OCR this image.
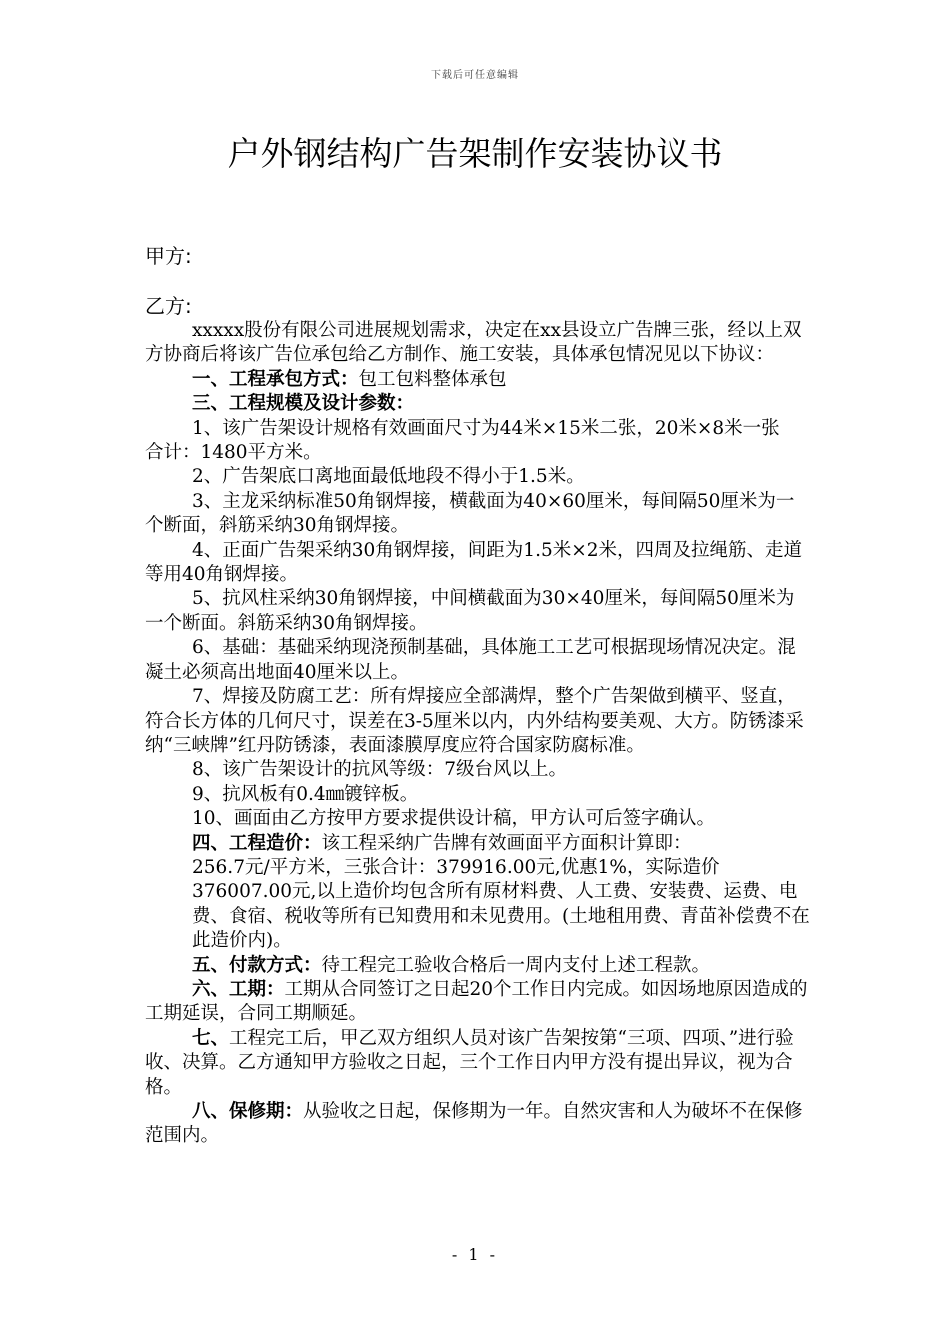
下载后可任意编辑
户外钢结构广告架制作安装协议书
甲方:
乙方:

xxxxx股份有限公司进展规划需求，决定在xx县设立广告牌三张，经以上双方协商后将该广告位承包给乙方制作、施工安装，具体承包情况见以下协议：

一、工程承包方式：包工包料整体承包

三、工程规模及设计参数：

1、该广告架设计规格有效画面尺寸为44米×15米二张，20米×8米一张　合计：1480平方米。

2、广告架底口离地面最低地段不得小于1.5米。

3、主龙采纳标准50角钢焊接，横截面为40×60厘米，每间隔50厘米为一个断面，斜筋采纳30角钢焊接。

4、正面广告架采纳30角钢焊接，间距为1.5米×2米，四周及拉绳筋、走道等用40角钢焊接。

5、抗风柱采纳30角钢焊接，中间横截面为30×40厘米，每间隔50厘米为一个断面。斜筋采纳30角钢焊接。

6、基础：基础采纳现浇预制基础，具体施工工艺可根据现场情况决定。混凝土必须高出地面40厘米以上。

7、焊接及防腐工艺：所有焊接应全部满焊，整个广告架做到横平、竖直，符合长方体的几何尺寸，误差在3-5厘米以内，内外结构要美观、大方。防锈漆采纳“三峡牌”红丹防锈漆，表面漆膜厚度应符合国家防腐标准。

8、该广告架设计的抗风等级：7级台风以上。

9、抗风板有0.4㎜镀锌板。

10、画面由乙方按甲方要求提供设计稿，甲方认可后签字确认。

四、工程造价：该工程采纳广告牌有效画面平方面积计算即：

256.7元/平方米，三张合计：379916.00元,优惠1%，实际造价376007.00元,以上造价均包含所有原材料费、人工费、安装费、运费、电费、食宿、税收等所有已知费用和未见费用。(土地租用费、青苗补偿费不在此造价内)。

五、付款方式：待工程完工验收合格后一周内支付上述工程款。

六、工期：工期从合同签订之日起20个工作日内完成。如因场地原因造成的工期延误，合同工期顺延。

七、工程完工后，甲乙双方组织人员对该广告架按第“三项、四项、”进行验收、决算。乙方通知甲方验收之日起，三个工作日内甲方没有提出异议，视为合格。

八、保修期：从验收之日起，保修期为一年。自然灾害和人为破坏不在保修范围内。

- 1 -
